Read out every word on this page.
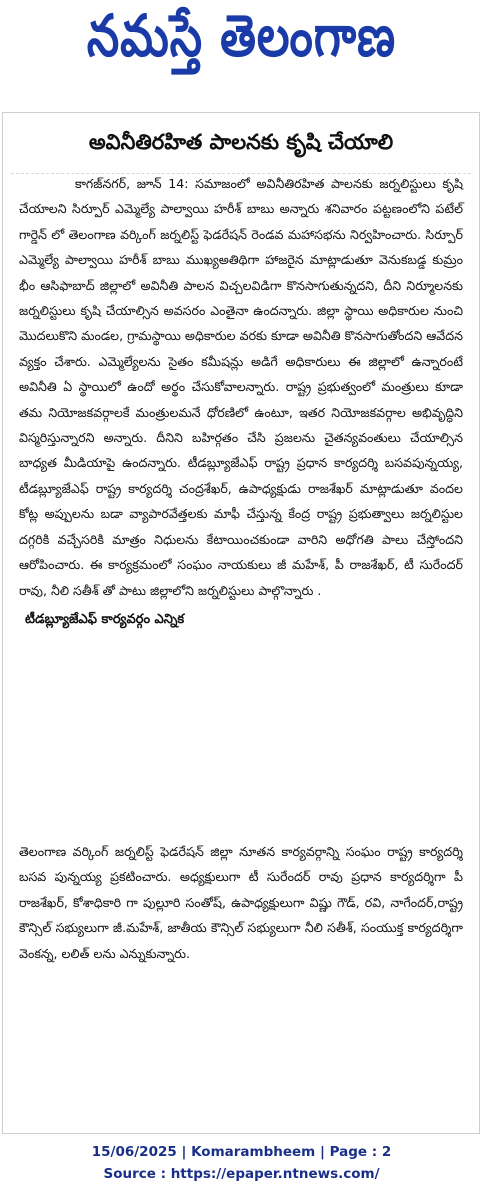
నమస్తే తెలంగాణ
అవినీతిరహిత పాలనకు కృషి చేయాలి

కాగజ్‌నగర్, జూన్ 14: సమాజంలో అవినీతిరహిత పాలనకు జర్నలిస్టులు కృషి చేయాలని సిర్పూర్ ఎమ్మెల్యే పాల్వాయి హరీశ్ బాబు అన్నారు శనివారం పట్టణంలోని పటేల్ గార్డెన్ లో తెలంగాణ వర్కింగ్ జర్నలిస్ట్ ఫెడరేషన్ రెండవ మహాసభను నిర్వహించారు. సిర్పూర్ ఎమ్మెల్యే పాల్వాయి హరీశ్ బాబు ముఖ్యఅతిథిగా హాజరైన మాట్లాడుతూ వెనుకబడ్డ కుమ్రం భీం ఆసిఫాబాద్ జిల్లాలో అవినీతి పాలన విచ్చలవిడిగా కొనసాగుతున్నదని, దీని నిర్మూలనకు జర్నలిస్టులు కృషి చేయాల్సిన అవసరం ఎంతైనా ఉందన్నారు. జిల్లా స్థాయి అధికారుల నుంచి మొదలుకొని మండల, గ్రామస్థాయి అధికారుల వరకు కూడా అవినీతి కొనసాగుతోందని ఆవేదన వ్యక్తం చేశారు. ఎమ్మెల్యేలను సైతం కమీషన్లు అడిగే అధికారులు ఈ జిల్లాలో ఉన్నారంటే అవినీతి ఏ స్థాయిలో ఉందో అర్థం చేసుకోవాలన్నారు. రాష్ట్ర ప్రభుత్వంలో మంత్రులు కూడా తమ నియోజకవర్గాలకే మంత్రులమనే ధోరణిలో ఉంటూ, ఇతర నియోజకవర్గాల అభివృద్ధిని విస్మరిస్తున్నారని అన్నారు. దీనిని బహిర్గతం చేసి ప్రజలను చైతన్యవంతులు చేయాల్సిన బాధ్యత మీడియాపై ఉందన్నారు. టీడబ్ల్యూజేఎఫ్ రాష్ట్ర ప్రధాన కార్యదర్శి బసవపున్నయ్య, టీడబ్ల్యూజేఎఫ్ రాష్ట్ర కార్యదర్శి చంద్రశేఖర్, ఉపాధ్యక్షుడు రాజశేఖర్ మాట్లాడుతూ వందల కోట్ల అప్పులను బడా వ్యాపారవేత్తలకు మాఫీ చేస్తున్న కేంద్ర రాష్ట్ర ప్రభుత్వాలు జర్నలిస్టుల దగ్గరికి వచ్చేసరికి మాత్రం నిధులను కేటాయించకుండా వారిని అధోగతి పాలు చేస్తోందని ఆరోపించారు. ఈ కార్యక్రమంలో సంఘం నాయకులు జీ మహేశ్, పీ రాజశేఖర్, టీ సురేందర్ రావు, నీలి సతీశ్ తో పాటు జిల్లాలోని జర్నలిస్టులు పాల్గొన్నారు .

టీడబ్ల్యూజేఎఫ్ కార్యవర్గం ఎన్నిక

తెలంగాణ వర్కింగ్ జర్నలిస్ట్ ఫెడరేషన్ జిల్లా నూతన కార్యవర్గాన్ని సంఘం రాష్ట్ర కార్యదర్శి బసవ పున్నయ్య ప్రకటించారు. అధ్యక్షులుగా టీ సురేందర్ రావు ప్రధాన కార్యదర్శిగా పీ రాజశేఖర్, కోశాధికారి గా పుల్లూరి సంతోష్, ఉపాధ్యక్షులుగా విష్ణు గౌడ్, రవి, నాగేందర్,రాష్ట్ర కౌన్సిల్ సభ్యులుగా జీ.మహేశ్, జాతీయ కౌన్సిల్ సభ్యులుగా నీలి సతీశ్, సంయుక్త కార్యదర్శిగా వెంకన్న, లలిత్ లను ఎన్నుకున్నారు.

15/06/2025 | Komarambheem | Page : 2
Source : https://epaper.ntnews.com/
